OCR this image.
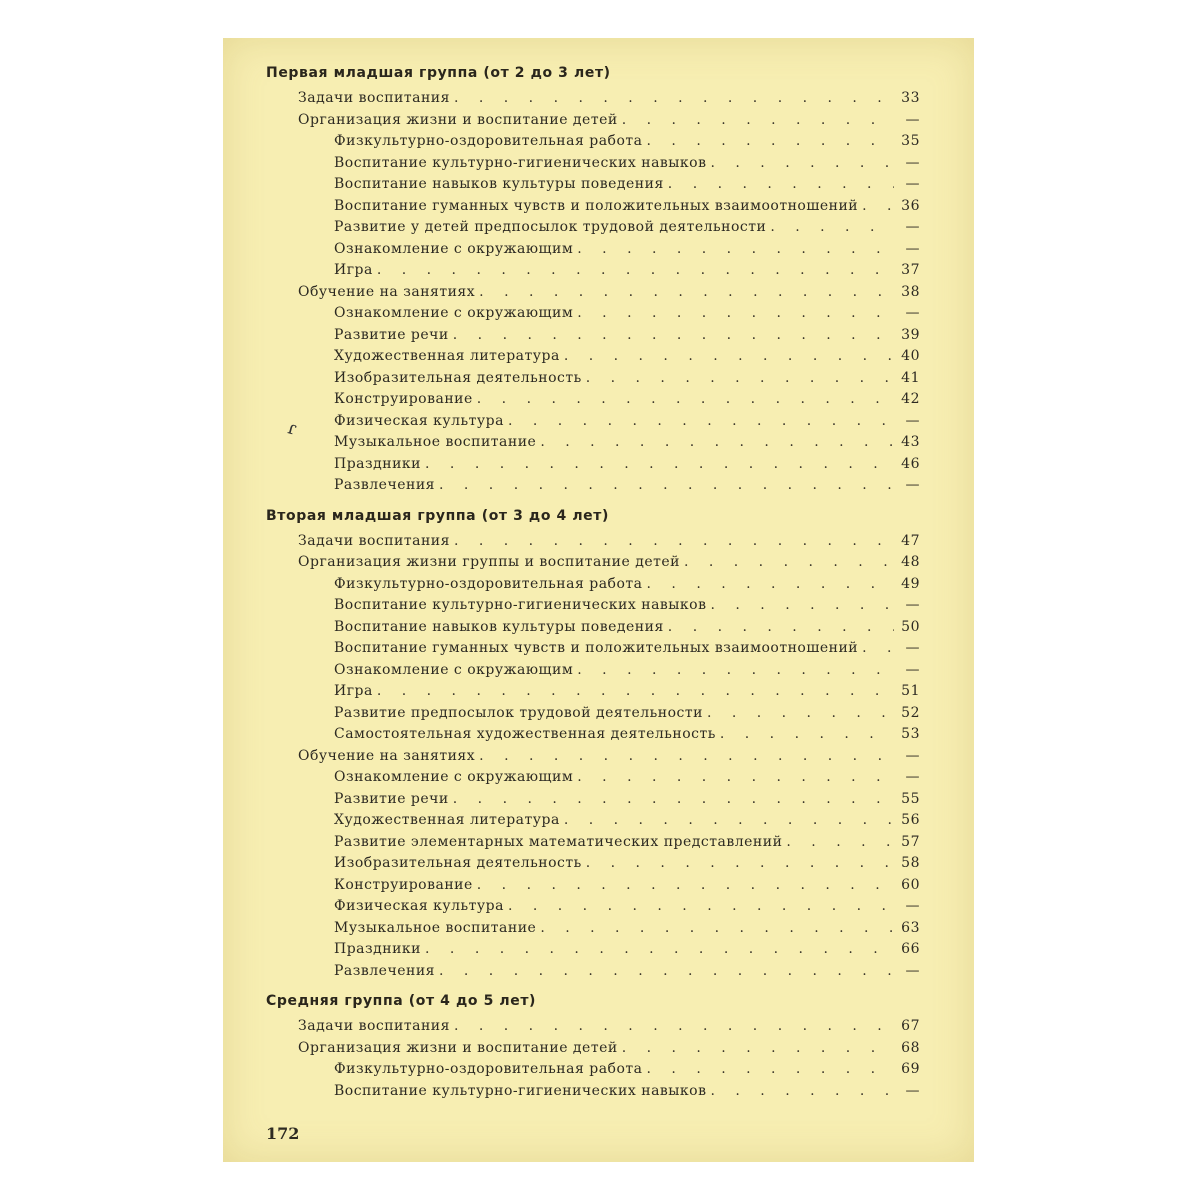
Первая младшая группа (от 2 до 3 лет)
Задачи воспитания . . .	33
Организация жизни и воспитание детей . . .	—
Физкультурно-оздоровительная работа . . .	35
Воспитание культурно-гигиенических навыков . . .	—
Воспитание навыков культуры поведения . . .	—
Воспитание гуманных чувств и положительных взаимоотношений . . .	36
Развитие у детей предпосылок трудовой деятельности . . .	—
Ознакомление с окружающим . . .	—
Игра . . .	37
Обучение на занятиях . . .	38
Ознакомление с окружающим . . .	—
Развитие речи . . .	39
Художественная литература . . .	40
Изобразительная деятельность . . .	41
Конструирование . . .	42
Физическая культура . . .	—
Музыкальное воспитание . . .	43
Праздники . . .	46
Развлечения . . .	—
Вторая младшая группа (от 3 до 4 лет)
Задачи воспитания . . .	47
Организация жизни группы и воспитание детей . . .	48
Физкультурно-оздоровительная работа . . .	49
Воспитание культурно-гигиенических навыков . . .	—
Воспитание навыков культуры поведения . . .	50
Воспитание гуманных чувств и положительных взаимоотношений . . .	—
Ознакомление с окружающим . . .	—
Игра . . .	51
Развитие предпосылок трудовой деятельности . . .	52
Самостоятельная художественная деятельность . . .	53
Обучение на занятиях . . .	—
Ознакомление с окружающим . . .	—
Развитие речи . . .	55
Художественная литература . . .	56
Развитие элементарных математических представлений . . .	57
Изобразительная деятельность . . .	58
Конструирование . . .	60
Физическая культура . . .	—
Музыкальное воспитание . . .	63
Праздники . . .	66
Развлечения . . .	—
Средняя группа (от 4 до 5 лет)
Задачи воспитания . . .	67
Организация жизни и воспитание детей . . .	68
Физкультурно-оздоровительная работа . . .	69
Воспитание культурно-гигиенических навыков . . .	—
ɾ
172
